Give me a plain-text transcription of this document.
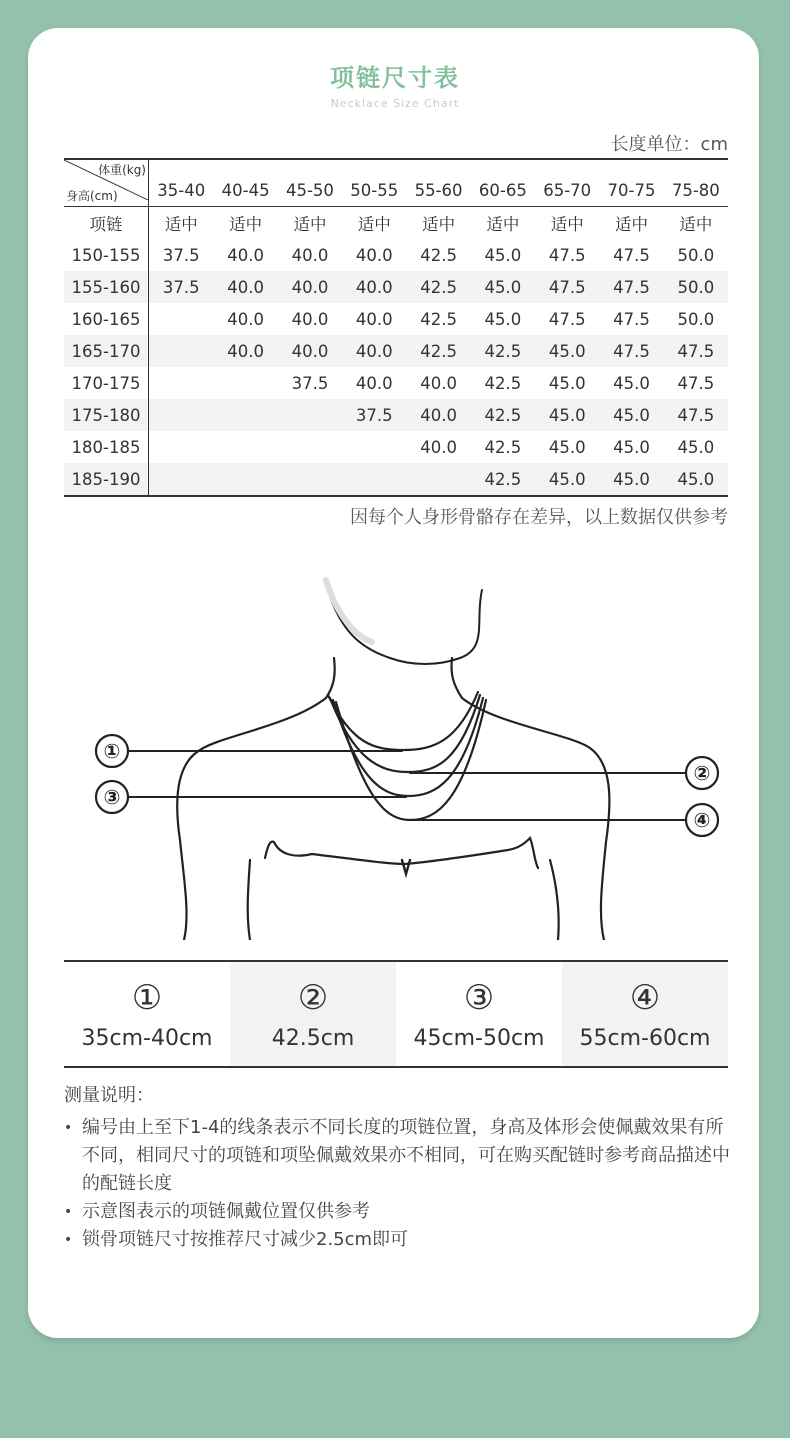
项链尺寸表
Necklace Size Chart
长度单位：cm
体重(kg)
身高(cm)	35-40	40-45	45-50	50-55	55-60	60-65	65-70	70-75	75-80
项链	适中	适中	适中	适中	适中	适中	适中	适中	适中
150-155	37.5	40.0	40.0	40.0	42.5	45.0	47.5	47.5	50.0
155-160	37.5	40.0	40.0	40.0	42.5	45.0	47.5	47.5	50.0
160-165		40.0	40.0	40.0	42.5	45.0	47.5	47.5	50.0
165-170		40.0	40.0	40.0	42.5	42.5	45.0	47.5	47.5
170-175			37.5	40.0	40.0	42.5	45.0	45.0	47.5
175-180				37.5	40.0	42.5	45.0	45.0	47.5
180-185					40.0	42.5	45.0	45.0	45.0
185-190						42.5	45.0	45.0	45.0
因每个人身形骨骼存在差异，以上数据仅供参考
①
②
③
④
①
35cm-40cm

②
42.5cm

③
45cm-50cm

④
55cm-60cm
测量说明：
• 编号由上至下1-4的线条表示不同长度的项链位置，身高及体形会使佩戴效果有所不同，相同尺寸的项链和项坠佩戴效果亦不相同，可在购买配链时参考商品描述中的配链长度
• 示意图表示的项链佩戴位置仅供参考
• 锁骨项链尺寸按推荐尺寸减少2.5cm即可
